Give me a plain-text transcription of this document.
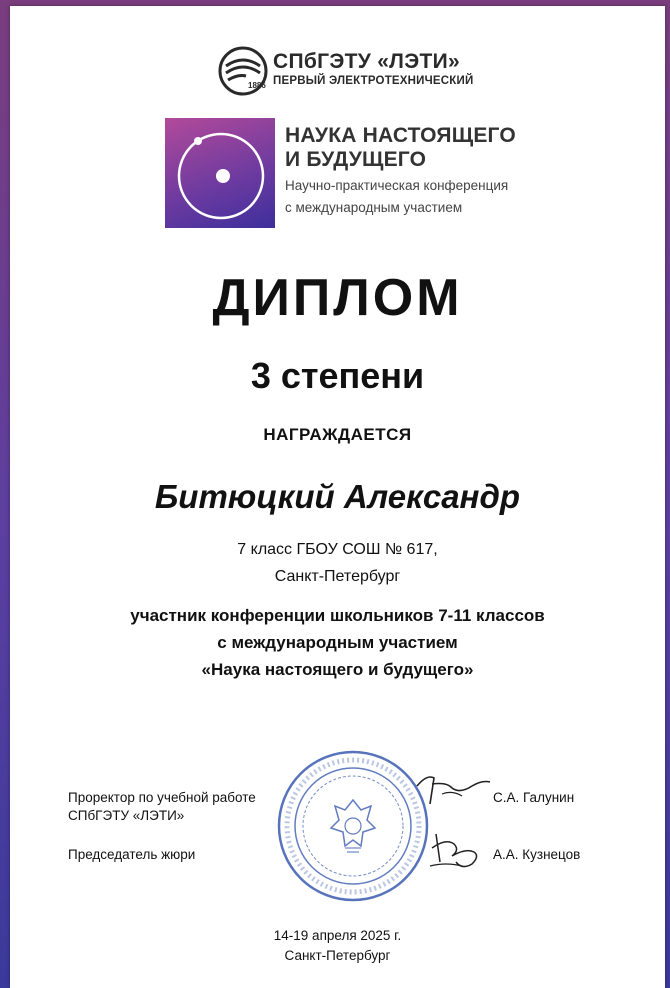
1886
СПбГЭТУ «ЛЭТИ»
ПЕРВЫЙ ЭЛЕКТРОТЕХНИЧЕСКИЙ
НАУКА НАСТОЯЩЕГО
И БУДУЩЕГО
Научно-практическая конференция
с международным участием
ДИПЛОМ
3 степени
НАГРАЖДАЕТСЯ
Битюцкий Александр
7 класс ГБОУ СОШ № 617,
Санкт-Петербург
участник конференции школьников 7-11 классов
с международным участием
«Наука настоящего и будущего»
Проректор по учебной работе
СПбГЭТУ «ЛЭТИ»
С.А. Галунин
Председатель жюри	А.А. Кузнецов
14-19 апреля 2025 г.
Санкт-Петербург
